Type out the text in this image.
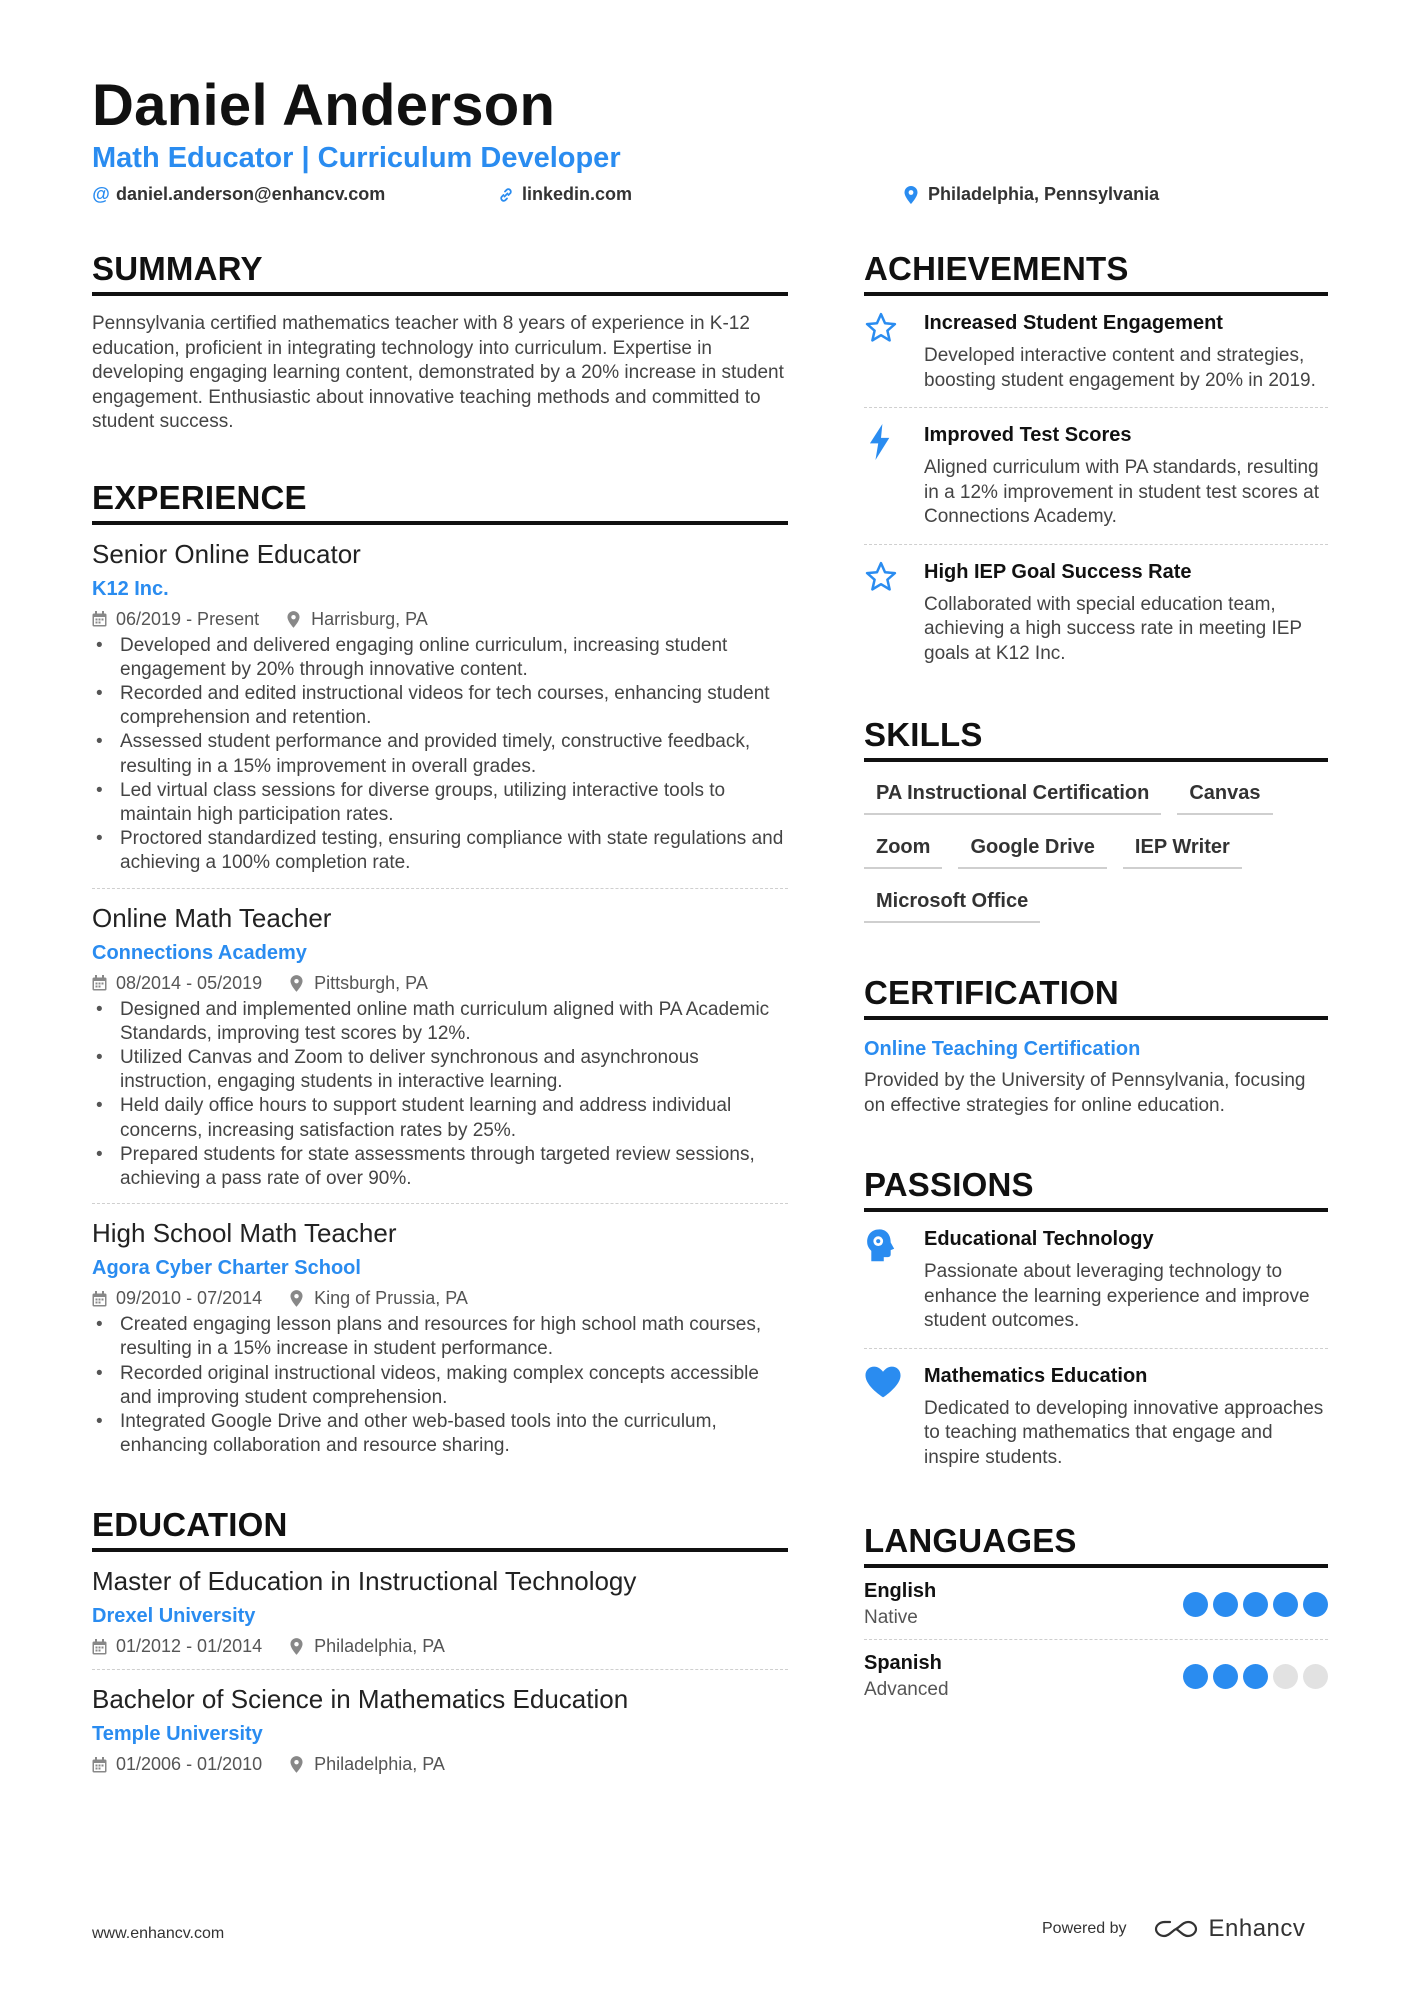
Daniel Anderson
Math Educator | Curriculum Developer
@ daniel.anderson@enhancv.com	linkedin.com	Philadelphia, Pennsylvania
SUMMARY

Pennsylvania certified mathematics teacher with 8 years of experience in K-12 education, proficient in integrating technology into curriculum. Expertise in developing engaging learning content, demonstrated by a 20% increase in student engagement. Enthusiastic about innovative teaching methods and committed to student success.

EXPERIENCE
Senior Online Educator
K12 Inc.
06/2019 - Present	Harrisburg, PA
• Developed and delivered engaging online curriculum, increasing student engagement by 20% through innovative content.
• Recorded and edited instructional videos for tech courses, enhancing student comprehension and retention.
• Assessed student performance and provided timely, constructive feedback, resulting in a 15% improvement in overall grades.
• Led virtual class sessions for diverse groups, utilizing interactive tools to maintain high participation rates.
• Proctored standardized testing, ensuring compliance with state regulations and achieving a 100% completion rate.
Online Math Teacher
Connections Academy
08/2014 - 05/2019	Pittsburgh, PA
• Designed and implemented online math curriculum aligned with PA Academic Standards, improving test scores by 12%.
• Utilized Canvas and Zoom to deliver synchronous and asynchronous instruction, engaging students in interactive learning.
• Held daily office hours to support student learning and address individual concerns, increasing satisfaction rates by 25%.
• Prepared students for state assessments through targeted review sessions, achieving a pass rate of over 90%.
High School Math Teacher
Agora Cyber Charter School
09/2010 - 07/2014	King of Prussia, PA
• Created engaging lesson plans and resources for high school math courses, resulting in a 15% increase in student performance.
• Recorded original instructional videos, making complex concepts accessible and improving student comprehension.
• Integrated Google Drive and other web-based tools into the curriculum, enhancing collaboration and resource sharing.
EDUCATION
Master of Education in Instructional Technology
Drexel University
01/2012 - 01/2014	Philadelphia, PA
Bachelor of Science in Mathematics Education
Temple University
01/2006 - 01/2010	Philadelphia, PA
ACHIEVEMENTS
Increased Student Engagement
Developed interactive content and strategies, boosting student engagement by 20% in 2019.
Improved Test Scores
Aligned curriculum with PA standards, resulting in a 12% improvement in student test scores at Connections Academy.
High IEP Goal Success Rate
Collaborated with special education team, achieving a high success rate in meeting IEP goals at K12 Inc.
SKILLS
PA Instructional Certification	Canvas
Zoom	Google Drive	IEP Writer
Microsoft Office
CERTIFICATION
Online Teaching Certification
Provided by the University of Pennsylvania, focusing on effective strategies for online education.
PASSIONS
Educational Technology
Passionate about leveraging technology to enhance the learning experience and improve student outcomes.
Mathematics Education
Dedicated to developing innovative approaches to teaching mathematics that engage and inspire students.
LANGUAGES
English
Native
Spanish
Advanced
www.enhancv.com	Powered by	Enhancv
